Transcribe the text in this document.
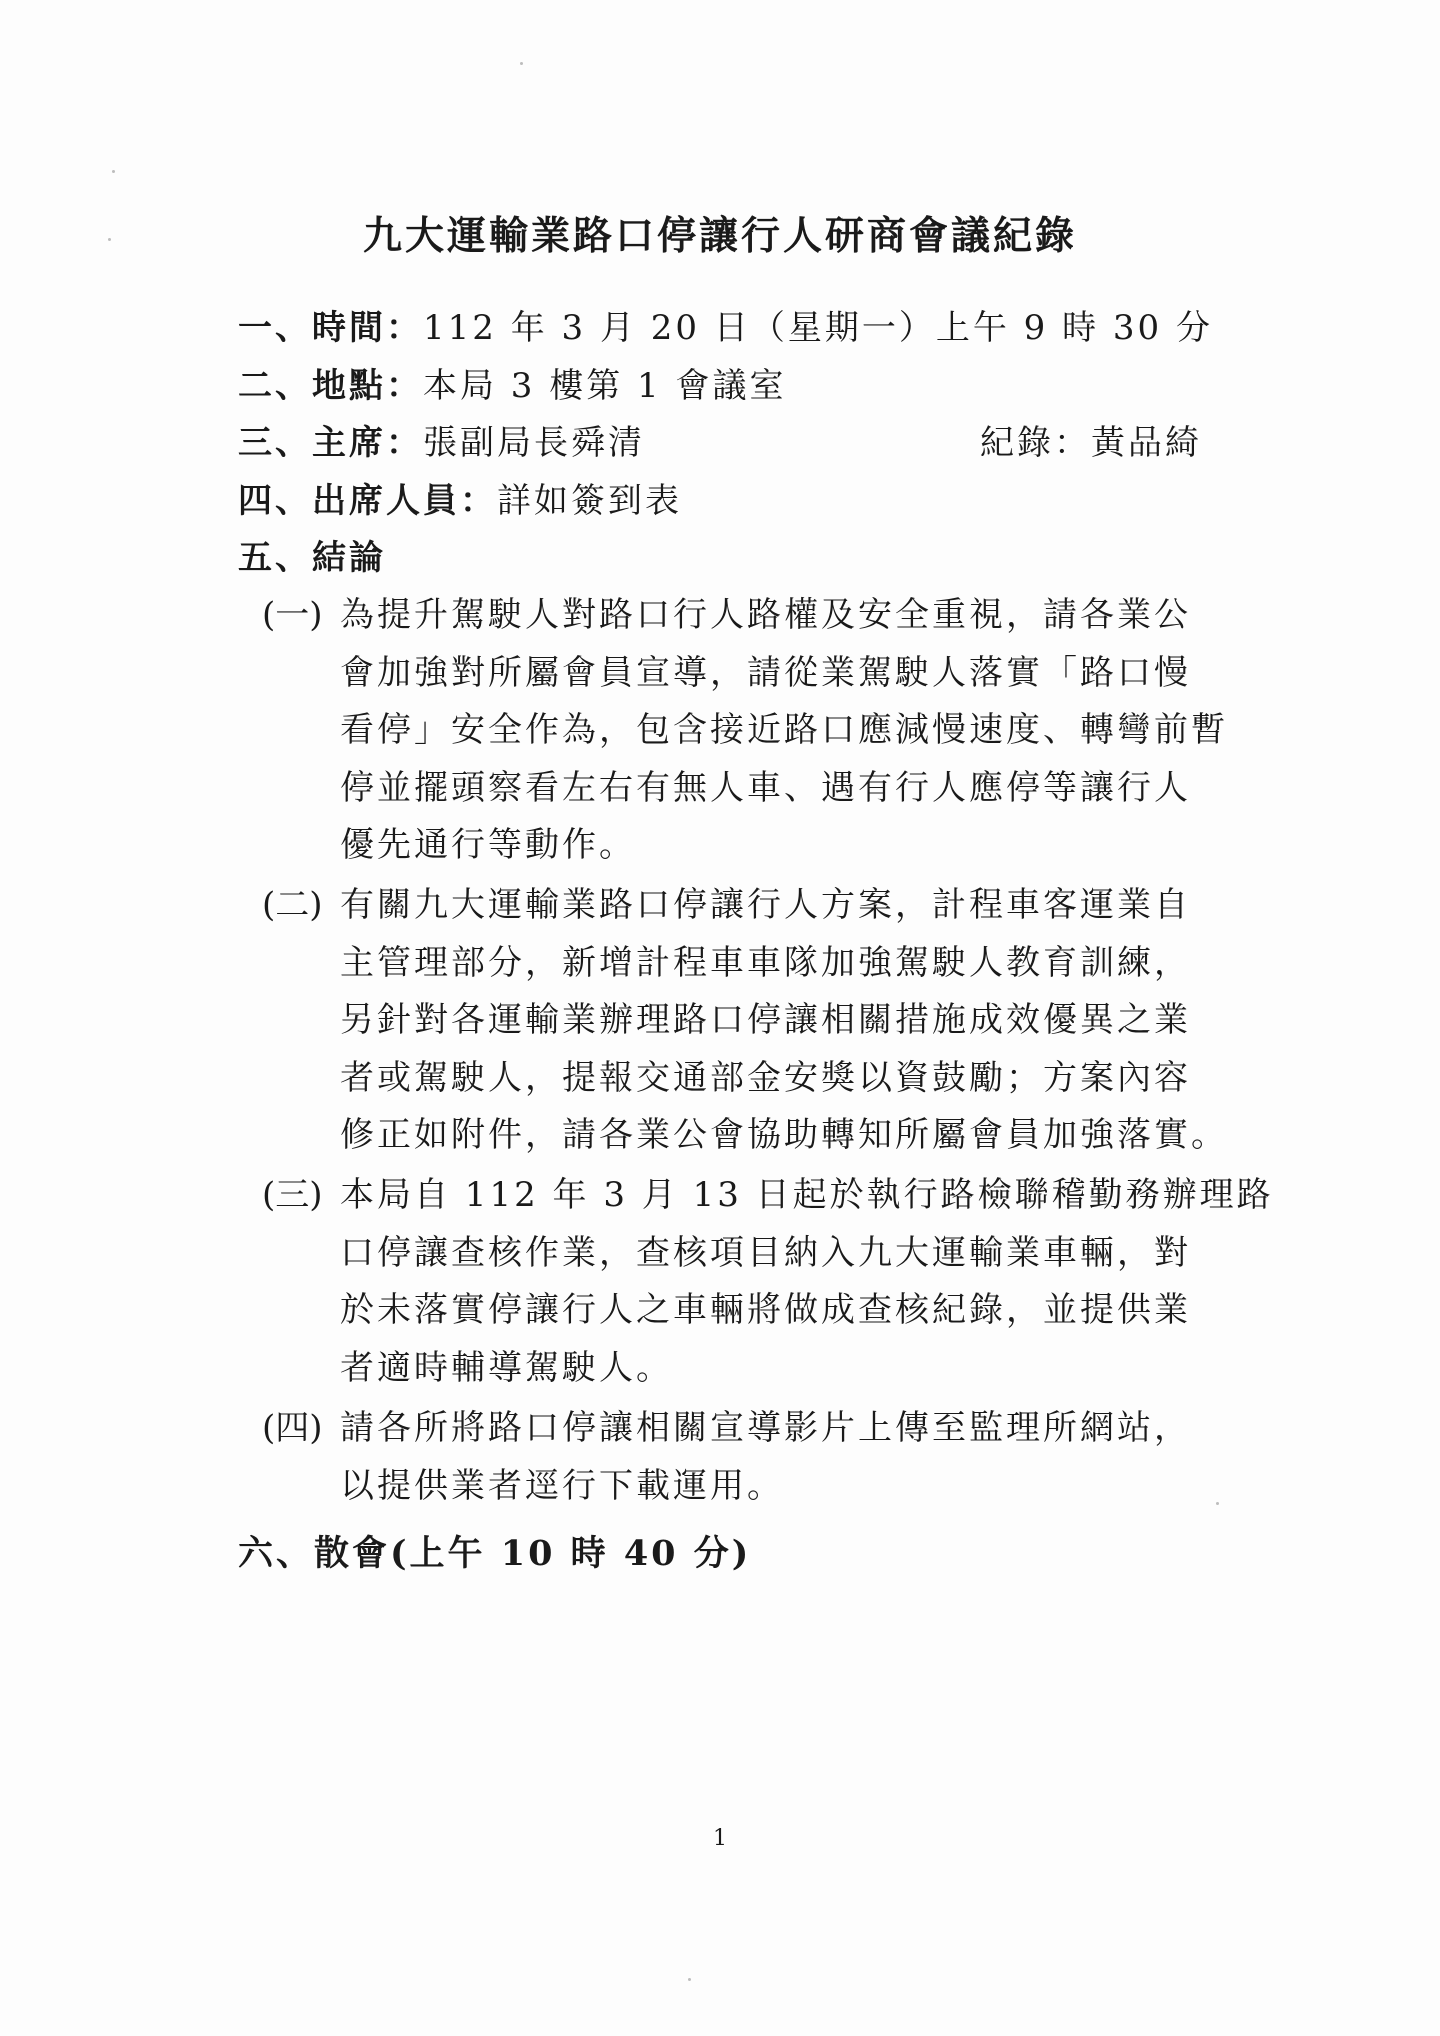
九大運輸業路口停讓行人研商會議紀錄
一、時間：112 年 3 月 20 日（星期一）上午 9 時 30 分
二、地點：本局 3 樓第 1 會議室
三、主席：張副局長舜清	紀錄：黃品綺
四、出席人員：詳如簽到表
五、結論
(一) 為提升駕駛人對路口行人路權及安全重視，請各業公
會加強對所屬會員宣導，請從業駕駛人落實「路口慢
看停」安全作為，包含接近路口應減慢速度、轉彎前暫
停並擺頭察看左右有無人車、遇有行人應停等讓行人
優先通行等動作。
(二) 有關九大運輸業路口停讓行人方案，計程車客運業自
主管理部分，新增計程車車隊加強駕駛人教育訓練，
另針對各運輸業辦理路口停讓相關措施成效優異之業
者或駕駛人，提報交通部金安獎以資鼓勵；方案內容
修正如附件，請各業公會協助轉知所屬會員加強落實。
(三) 本局自 112 年 3 月 13 日起於執行路檢聯稽勤務辦理路
口停讓查核作業，查核項目納入九大運輸業車輛，對
於未落實停讓行人之車輛將做成查核紀錄，並提供業
者適時輔導駕駛人。
(四) 請各所將路口停讓相關宣導影片上傳至監理所網站，
以提供業者逕行下載運用。
六、散會(上午 10 時 40 分)
1
